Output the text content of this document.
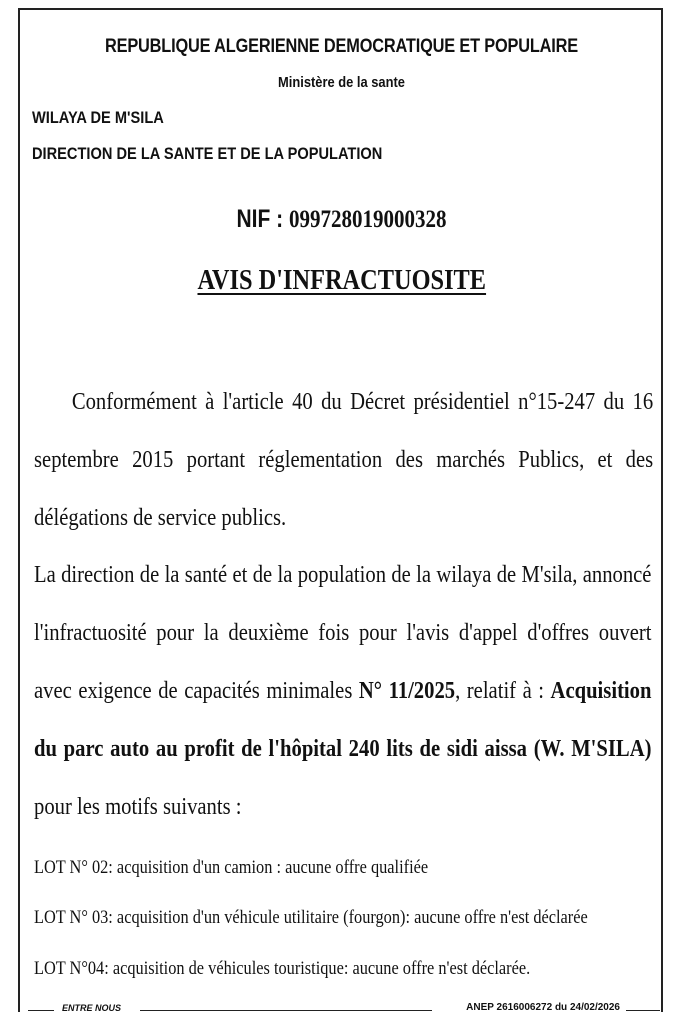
REPUBLIQUE ALGERIENNE DEMOCRATIQUE ET POPULAIRE
Ministère de la sante
WILAYA DE M'SILA
DIRECTION DE LA SANTE ET DE LA POPULATION
NIF : 099728019000328
AVIS D'INFRACTUOSITE
Conformément à l'article 40 du Décret présidentiel n°15-247 du 16 septembre 2015 portant réglementation des marchés Publics, et des délégations de service publics.
La direction de la santé et de la population de la wilaya de M'sila, annoncé l'infractuosité pour la deuxième fois pour l'avis d'appel d'offres ouvert avec exigence de capacités minimales N° 11/2025, relatif à : Acquisition du parc auto au profit de l'hôpital 240 lits de sidi aissa (W. M'SILA) pour les motifs suivants :
LOT N° 02: acquisition d'un camion : aucune offre qualifiée
LOT N° 03: acquisition d'un véhicule utilitaire (fourgon): aucune offre n'est déclarée
LOT N°04: acquisition de véhicules touristique: aucune offre n'est déclarée.
ENTRE NOUS	ANEP 2616006272 du 24/02/2026
